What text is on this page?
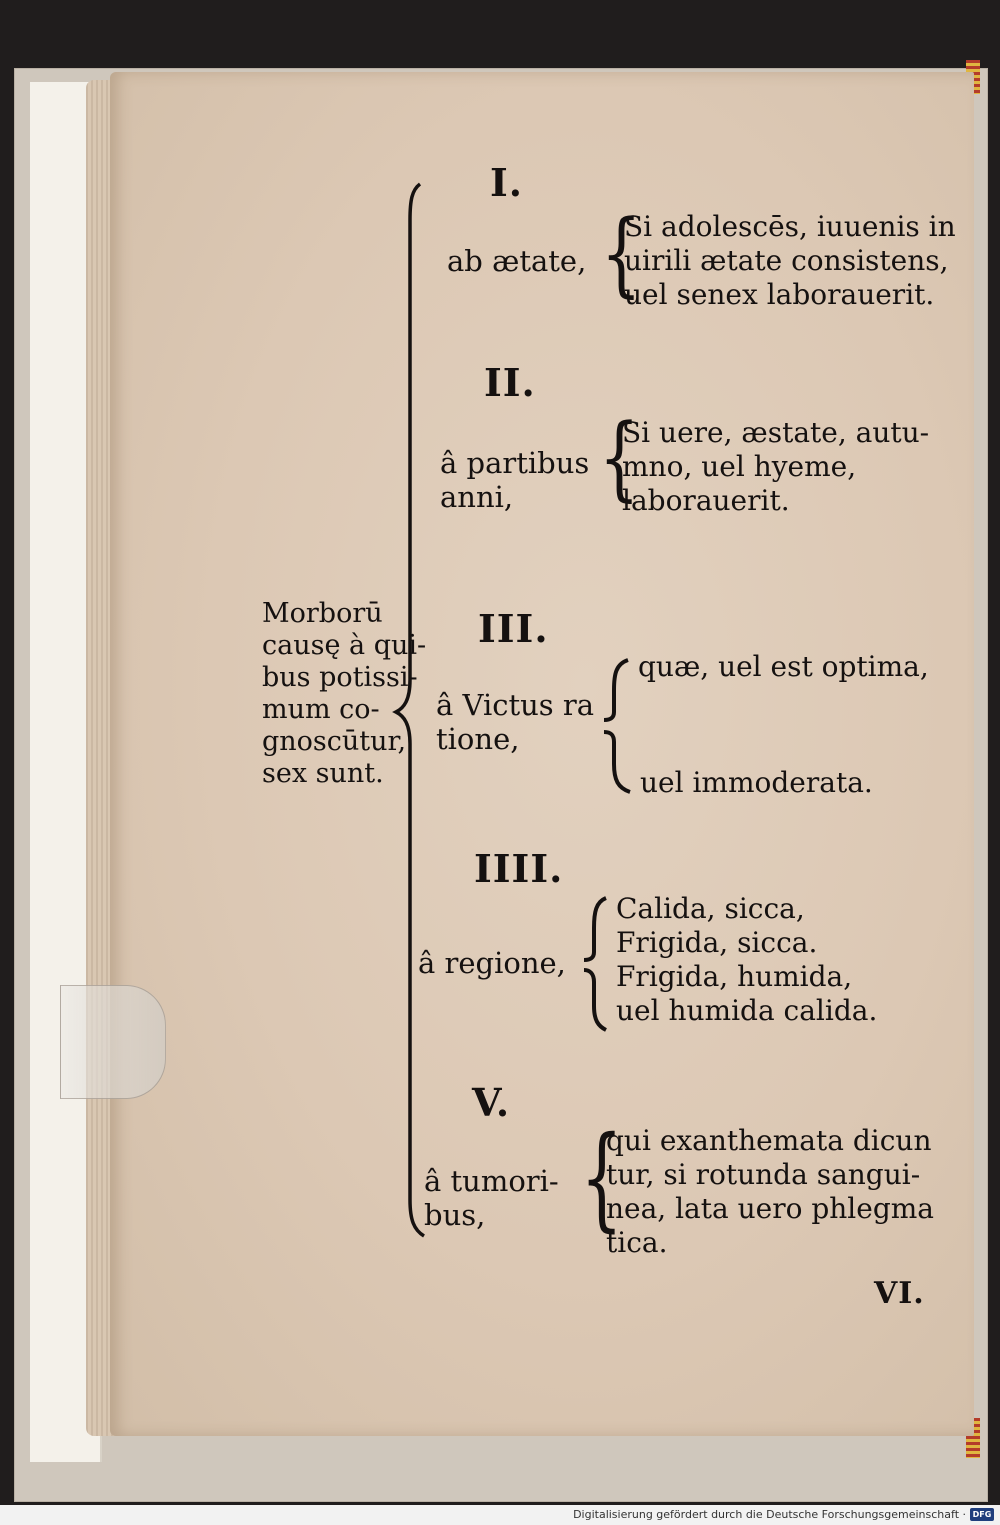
Morborū
causę à qui-
bus potissi-
mum co-
gnoscūtur,
sex sunt.
I.
ab ætate, {
Si adolescēs, iuuenis in
uirili ætate consistens,
uel senex laborauerit.
II.
â partibus
anni, {
Si uere, æstate, autu-
mno, uel hyeme,
laborauerit.
III.
â Victus ra
tione,
quæ, uel est optima,
uel immoderata.
IIII.
â regione,
Calida, sicca,
Frigida, sicca.
Frigida, humida,
uel humida calida.
V.
â tumori-
bus, {
qui exanthemata dicun
tur, si rotunda sangui-
nea, lata uero phlegma
tica.
VI.
Digitalisierung gefördert durch die Deutsche Forschungsgemeinschaft · DFG
